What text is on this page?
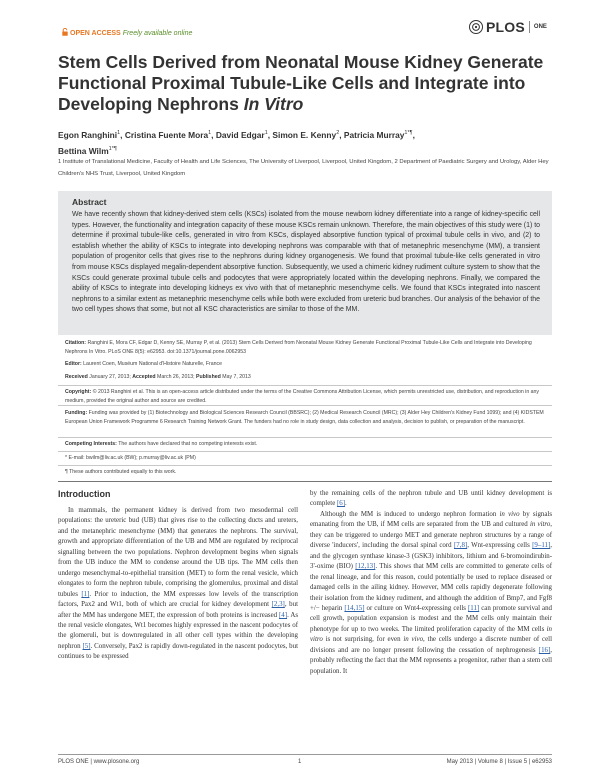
OPEN ACCESS Freely available online	PLOS ONE
Stem Cells Derived from Neonatal Mouse Kidney Generate Functional Proximal Tubule-Like Cells and Integrate into Developing Nephrons In Vitro
Egon Ranghini$^1$, Cristina Fuente Mora$^1$, David Edgar$^1$, Simon E. Kenny$^2$, Patricia Murray$^{1*\P}$,
Bettina Wilm$^{1*\P}$
1 Institute of Translational Medicine, Faculty of Health and Life Sciences, The University of Liverpool, Liverpool, United Kingdom, 2 Department of Paediatric Surgery and Urology, Alder Hey Children's NHS Trust, Liverpool, United Kingdom
Abstract
We have recently shown that kidney-derived stem cells (KSCs) isolated from the mouse newborn kidney differentiate into a range of kidney-specific cell types. However, the functionality and integration capacity of these mouse KSCs remain unknown. Therefore, the main objectives of this study were (1) to determine if proximal tubule-like cells, generated in vitro from KSCs, displayed absorptive function typical of proximal tubule cells in vivo, and (2) to establish whether the ability of KSCs to integrate into developing nephrons was comparable with that of metanephric mesenchyme (MM), a transient population of progenitor cells that gives rise to the nephrons during kidney organogenesis. We found that proximal tubule-like cells generated in vitro from mouse KSCs displayed megalin-dependent absorptive function. Subsequently, we used a chimeric kidney rudiment culture system to show that the KSCs could generate proximal tubule cells and podocytes that were appropriately located within the developing nephrons. Finally, we compared the ability of KSCs to integrate into developing kidneys ex vivo with that of metanephric mesenchyme cells. We found that KSCs integrated into nascent nephrons to a similar extent as metanephric mesenchyme cells while both were excluded from ureteric bud branches. Our analysis of the behavior of the two cell types shows that some, but not all KSC characteristics are similar to those of the MM.
Citation: Ranghini E, Mora CF, Edgar D, Kenny SE, Murray P, et al. (2013) Stem Cells Derived from Neonatal Mouse Kidney Generate Functional Proximal Tubule-Like Cells and Integrate into Developing Nephrons In Vitro. PLoS ONE 8(5): e62953. doi:10.1371/journal.pone.0062953
Editor: Laurent Coen, Muséum National d'Histoire Naturelle, France
Received January 27, 2013; Accepted March 26, 2013; Published May 7, 2013
Copyright: © 2013 Ranghini et al. This is an open-access article distributed under the terms of the Creative Commons Attribution License, which permits unrestricted use, distribution, and reproduction in any medium, provided the original author and source are credited.
Funding: Funding was provided by (1) Biotechnology and Biological Sciences Research Council (BBSRC); (2) Medical Research Council (MRC); (3) Alder Hey Children's Kidney Fund 1099); and (4) KIDSTEM European Union Framework Programme 6 Research Training Network Grant. The funders had no role in study design, data collection and analysis, decision to publish, or preparation of the manuscript.
Competing Interests: The authors have declared that no competing interests exist.
* E-mail: bwilm@liv.ac.uk (BW); p.murray@liv.ac.uk (PM)
¶ These authors contributed equally to this work.
Introduction

In mammals, the permanent kidney is derived from two mesodermal cell populations: the ureteric bud (UB) that gives rise to the collecting ducts and ureters, and the metanephric mesenchyme (MM) that generates the nephrons. The survival, growth and appropriate differentiation of the UB and MM are regulated by reciprocal signalling between the two populations. Nephron development begins when signals from the UB induce the MM to condense around the UB tips. The MM cells then undergo mesenchymal-to-epithelial transition (MET) to form the renal vesicle, which elongates to form the nephron tubule, comprising the glomerulus, proximal and distal tubules [1]. Prior to induction, the MM expresses low levels of the transcription factors, Pax2 and Wt1, both of which are crucial for kidney development [2,3], but after the MM has undergone MET, the expression of both proteins is increased [4]. As the renal vesicle elongates, Wt1 becomes highly expressed in the nascent podocytes of the glomeruli, but is downregulated in all other cell types within the developing nephron [5]. Conversely, Pax2 is rapidly down-regulated in the nascent podocytes, but continues to be expressed

by the remaining cells of the nephron tubule and UB until kidney development is complete [6].

Although the MM is induced to undergo nephron formation in vivo by signals emanating from the UB, if MM cells are separated from the UB and cultured in vitro, they can be triggered to undergo MET and generate nephron structures by a range of diverse 'inducers', including the dorsal spinal cord [7,8], Wnt-expressing cells [9–11], and the glycogen synthase kinase-3 (GSK3) inhibitors, lithium and 6-bromoindirubin-3'-oxime (BIO) [12,13]. This shows that MM cells are committed to generate cells of the renal lineage, and for this reason, could potentially be used to replace diseased or damaged cells in the ailing kidney. However, MM cells rapidly degenerate following their isolation from the kidney rudiment, and although the addition of Bmp7, and Fgf8 +/− heparin [14,15] or culture on Wnt4-expressing cells [11] can promote survival and cell growth, population expansion is modest and the MM cells only maintain their phenotype for up to two weeks. The limited proliferation capacity of the MM cells in vitro is not surprising, for even in vivo, the cells undergo a discrete number of cell divisions and are no longer present following the cessation of nephrogenesis [16], probably reflecting the fact that the MM represents a progenitor, rather than a stem cell population. It

PLOS ONE | www.plosone.org	1	May 2013 | Volume 8 | Issue 5 | e62953
